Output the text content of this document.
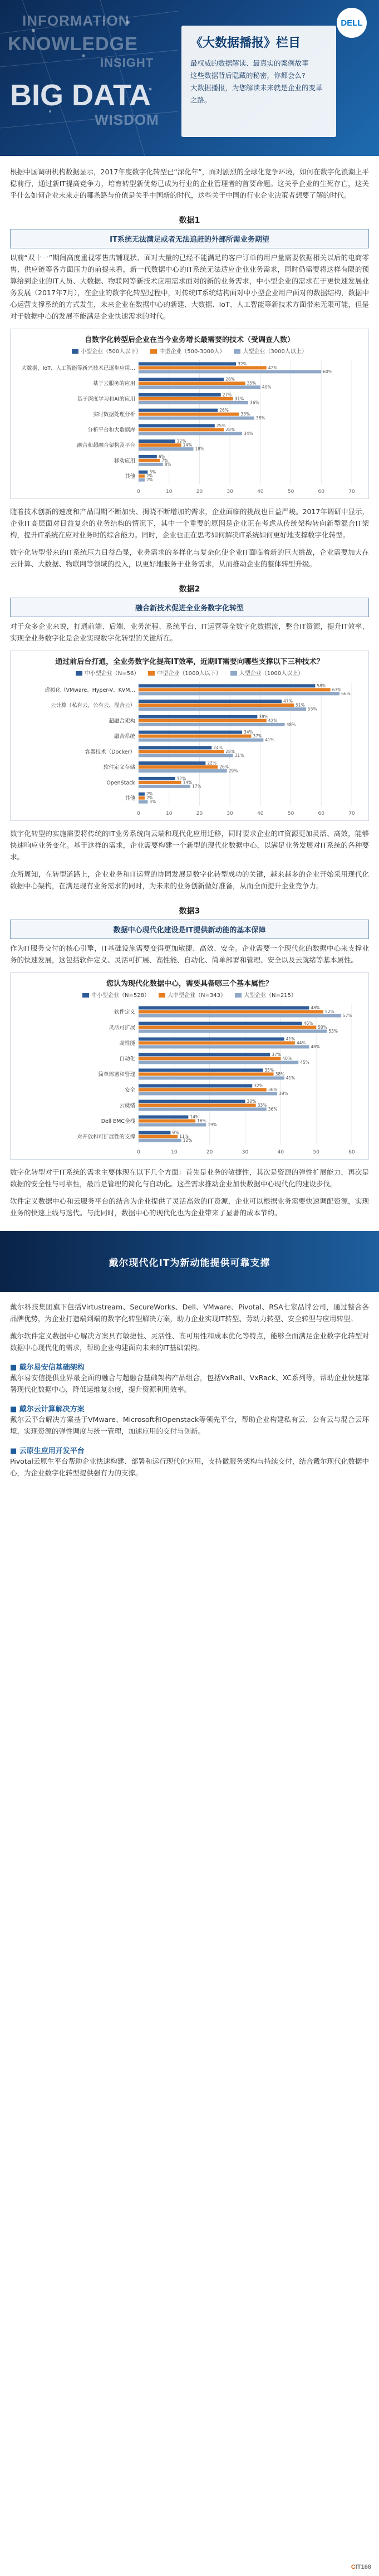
INFORMATION
KNOWLEDGE
INSIGHT
WISDOM
BIG DATA
DELL
《大数据播报》栏目

最权威的数据解读、最真实的案例故事

这些数据背后隐藏的秘密，你都会么?

大数据播报，为您解读未来就是企业的变革之路。

根据中国调研机构数据显示，2017年度数字化转型已“深化年”，面对剧烈的全球化竞争环境，如何在数字化浪潮上平稳前行，通过新IT提高竞争力，培育转型新优势已成为行业的企业管理者的首要命题。这关乎企业的生死存亡，这关乎什么如何企业未来走的哪条路与价值是关乎中国新的时代，这些关于中国的行业企业决策者想要了解的时代。

数据1
IT系统无法满足或者无法追赶的外部所需业务期望

以前“双十一”期间高度重视零售店铺现状、面对大量的已经不能满足的客户订单的用户量需要依据相关以后的电商零售、供应链等各方面压力的前提来看，新一代数据中心的IT系统无法适应企业业务需求，同时仍需要将这样有限的预算给到企业的IT人员、大数据、物联网等新技术应用需求面对的新的业务需求，中小型企业的需求在于更快速发展业务发展（2017年7月），在企业的数字化转型过程中，对传统IT系统结构面对中小型企业用户面对的数据结构，数据中心运营支撑系统的方式发生，未来企业在数据中心的新建、大数据、IoT、人工智能等新技术方面带来无限可能，但是对于数据中心的发展不能满足企业快速需求的时代。

自数字化转型后企业在当今业务增长最需要的技术（受调查人数）
小型企业（500人以下）	中型企业（500-3000人）	大型企业（3000人以上）
0	10	20	30	40	50	60	70
大数据、IoT、人工智能等新兴技术已逐步应用…
32%
42%
60%
基于云服务的应用
28%
35%
40%
基于深度学习和AI的应用
27%
31%
36%
实时数据处理分析
26%
33%
38%
分析平台和大数据库
25%
28%
34%
融合和超融合架构及平台
12%
14%
18%
移动应用
6%
7%
8%
其他
3%
2%
2%

随着技术创新的速度和产品周期不断加快、揭晓不断增加的需求，企业面临的挑战也日益严峻。2017年调研中显示，企业IT高层面对日益复杂的业务结构的情况下，其中一个重要的原因是企业正在考虑从传统架构转向新型混合IT架构，提升IT系统在应对业务时的综合能力。同时，企业也正在思考如何解决IT系统如何更好地支撑数字化转型。

数字化转型带来的IT系统压力日益凸显，业务需求的多样化与复杂化使企业IT面临着新的巨大挑战，企业需要加大在云计算、大数据、物联网等领域的投入，以更好地服务于业务需求，从而推动企业的整体转型升级。

数据2
融合新技术促进全业务数字化转型

对于众多企业来说，打通前端、后端、业务流程、系统平台、IT运营等全数字化数据流，整合IT资源，提升IT效率、实现全业务数字化是企业实现数字化转型的关键所在。

通过前后台打通，全业务数字化提高IT效率，近期IT需要向哪些支撑以下三种技术？
中小型企业（N=56）	中型企业（1000人以下）	大型企业（1000人以上）
0	10	20	30	40	50	60	70
虚拟化（VMware、Hyper-V、KVM…
58%
63%
66%
云计算（私有云、公有云、混合云）
47%
51%
55%
超融合架构
39%
42%
48%
融合系统
34%
37%
41%
容器技术（Docker）
24%
28%
31%
软件定义存储
22%
26%
29%
OpenStack
12%
14%
17%
其他
2%
2%
3%

数字化转型的实施需要将传统的IT业务系统向云端和现代化应用迁移，同时要求企业的IT资源更加灵活、高效，能够快速响应业务变化。基于这样的需求，企业需要构建一个新型的现代化数据中心，以满足业务发展对IT系统的各种要求。

众所周知，在转型道路上，企业业务和IT运营的协同发展是数字化转型成功的关键，越来越多的企业开始采用现代化数据中心架构，在满足现有业务需求的同时，为未来的业务创新做好准备，从而全面提升企业竞争力。

数据3
数据中心现代化建设是IT提供新动能的基本保障

作为IT服务交付的核心引擎，IT基础设施需要变得更加敏捷、高效、安全。企业需要一个现代化的数据中心来支撑业务的快速发展，这包括软件定义、灵活可扩展、高性能、自动化、简单部署和管理、安全以及云就绪等基本属性。

您认为现代化数据中心，需要具备哪三个基本属性？
中小型企业（N=528）	大中型企业（N=343）	大型企业（N=215）
0	10	20	30	40	50	60
软件定义
48%
52%
57%
灵活可扩展
46%
50%
53%
高性能
41%
44%
48%
自动化
37%
40%
45%
简单部署和管理
35%
38%
41%
安全
32%
36%
39%
云就绪
30%
33%
36%
Dell EMC全栈
14%
16%
19%
对开放和可扩展性的支撑
9%
11%
12%

数字化转型对于IT系统的需求主要体现在以下几个方面：首先是业务的敏捷性，其次是资源的弹性扩展能力，再次是数据的安全性与可靠性，最后是管理的简化与自动化。这些需求推动企业加快数据中心现代化的建设步伐。

软件定义数据中心和云服务平台的结合为企业提供了灵活高效的IT资源，企业可以根据业务需要快速调配资源，实现业务的快速上线与迭代。与此同时，数据中心的现代化也为企业带来了显著的成本节约。

戴尔现代化IT为新动能提供可靠支撑

戴尔科技集团旗下包括Virtustream、SecureWorks、Dell、VMware、Pivotal、RSA七家品牌公司，通过整合各品牌优势，为企业打造端到端的数字化转型解决方案，助力企业实现IT转型、劳动力转型、安全转型与应用转型。

戴尔软件定义数据中心解决方案具有敏捷性、灵活性、高可用性和成本优化等特点，能够全面满足企业数字化转型对数据中心现代化的需求，帮助企业构建面向未来的IT基础架构。

■ 戴尔易安信基础架构

戴尔易安信提供业界最全面的融合与超融合基础架构产品组合，包括VxRail、VxRack、XC系列等，帮助企业快速部署现代化数据中心，降低运维复杂度，提升资源利用效率。

■ 戴尔云计算解决方案

戴尔云平台解决方案基于VMware、Microsoft和Openstack等领先平台，帮助企业构建私有云、公有云与混合云环境，实现资源的弹性调度与统一管理，加速应用的交付与创新。

■ 云原生应用开发平台

Pivotal云原生平台帮助企业快速构建、部署和运行现代化应用，支持微服务架构与持续交付，结合戴尔现代化数据中心，为企业数字化转型提供强有力的支撑。

CIT168
